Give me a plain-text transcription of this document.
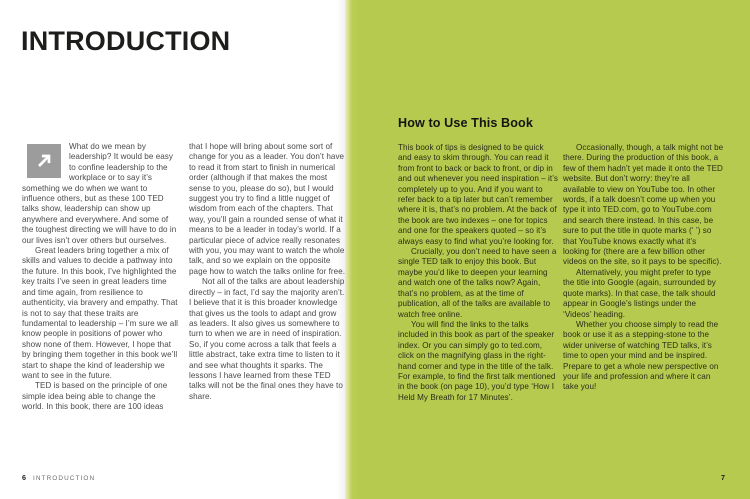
INTRODUCTION

What do we mean by leadership? It would be easy to confine leadership to the workplace or to say it’s something we do when we want to influence others, but as these 100 TED talks show, leadership can show up anywhere and everywhere. And some of the toughest directing we will have to do in our lives isn’t over others but ourselves.

Great leaders bring together a mix of skills and values to decide a pathway into the future. In this book, I’ve highlighted the key traits I’ve seen in great leaders time and time again, from resilience to authenticity, via bravery and empathy. That is not to say that these traits are fundamental to leadership – I’m sure we all know people in positions of power who show none of them. However, I hope that by bringing them together in this book we’ll start to shape the kind of leadership we want to see in the future.

TED is based on the principle of one simple idea being able to change the world. In this book, there are 100 ideas

that I hope will bring about some sort of change for you as a leader. You don’t have to read it from start to finish in numerical order (although if that makes the most sense to you, please do so), but I would suggest you try to find a little nugget of wisdom from each of the chapters. That way, you’ll gain a rounded sense of what it means to be a leader in today’s world. If a particular piece of advice really resonates with you, you may want to watch the whole talk, and so we explain on the opposite page how to watch the talks online for free.

Not all of the talks are about leadership directly – in fact, I’d say the majority aren’t. I believe that it is this broader knowledge that gives us the tools to adapt and grow as leaders. It also gives us somewhere to turn to when we are in need of inspiration. So, if you come across a talk that feels a little abstract, take extra time to listen to it and see what thoughts it sparks. The lessons I have learned from these TED talks will not be the final ones they have to share.

6 INTRODUCTION
How to Use This Book

This book of tips is designed to be quick and easy to skim through. You can read it from front to back or back to front, or dip in and out whenever you need inspiration – it’s completely up to you. And if you want to refer back to a tip later but can’t remember where it is, that’s no problem. At the back of the book are two indexes – one for topics and one for the speakers quoted – so it’s always easy to find what you’re looking for.

Crucially, you don’t need to have seen a single TED talk to enjoy this book. But maybe you’d like to deepen your learning and watch one of the talks now? Again, that’s no problem, as at the time of publication, all of the talks are available to watch free online.

You will find the links to the talks included in this book as part of the speaker index. Or you can simply go to ted.com, click on the magnifying glass in the right-hand corner and type in the title of the talk. For example, to find the first talk mentioned in the book (on page 10), you’d type ‘How I Held My Breath for 17 Minutes’.

Occasionally, though, a talk might not be there. During the production of this book, a few of them hadn’t yet made it onto the TED website. But don’t worry: they’re all available to view on YouTube too. In other words, if a talk doesn’t come up when you type it into TED.com, go to YouTube.com and search there instead. In this case, be sure to put the title in quote marks (‘ ’) so that YouTube knows exactly what it’s looking for (there are a few billion other videos on the site, so it pays to be specific).

Alternatively, you might prefer to type the title into Google (again, surrounded by quote marks). In that case, the talk should appear in Google’s listings under the ‘Videos’ heading.

Whether you choose simply to read the book or use it as a stepping-stone to the wider universe of watching TED talks, it’s time to open your mind and be inspired. Prepare to get a whole new perspective on your life and profession and where it can take you!

7
